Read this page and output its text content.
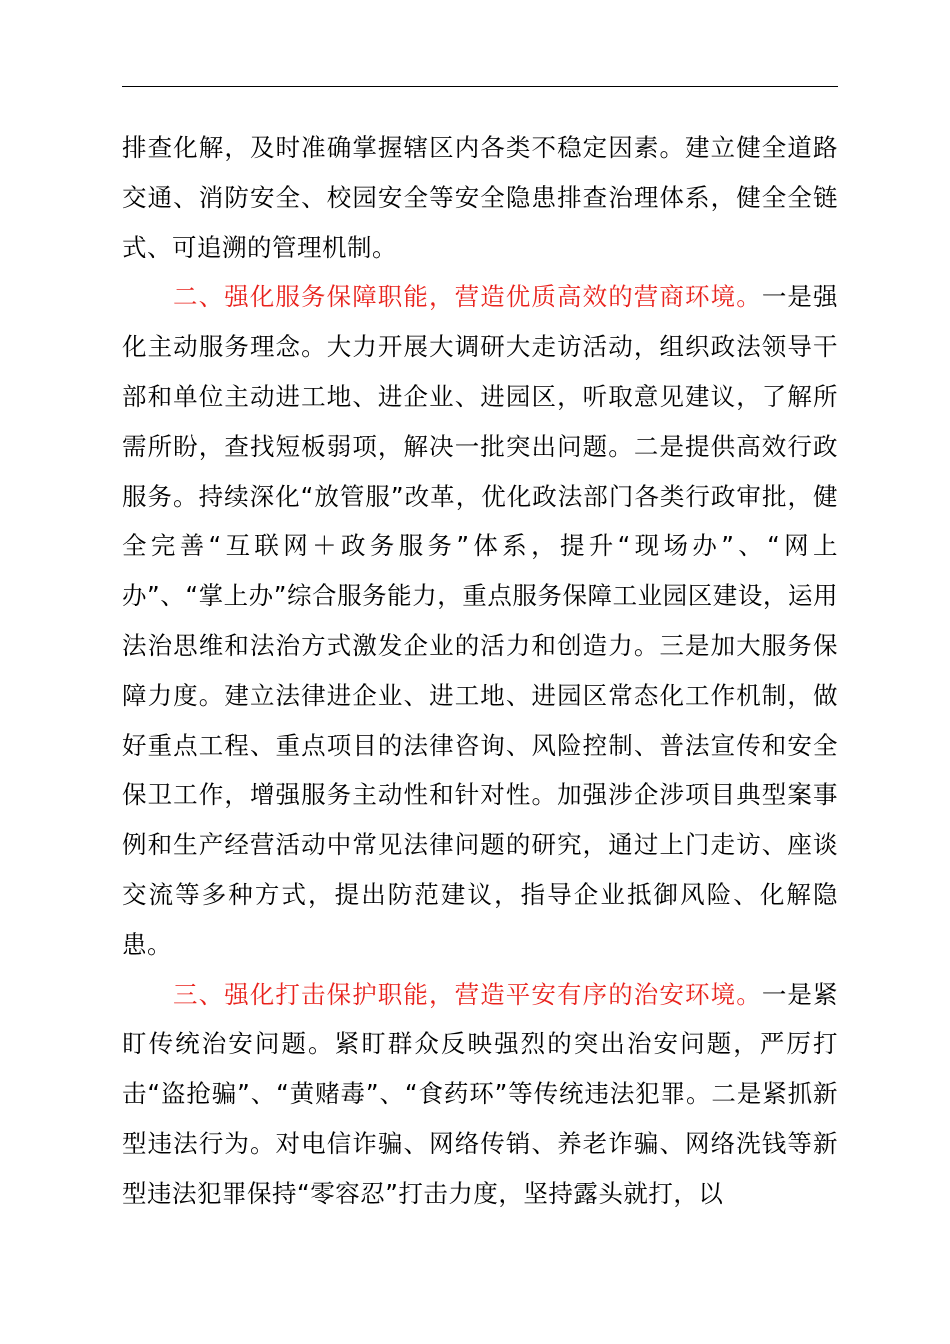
排查化解，及时准确掌握辖区内各类不稳定因素。建立健全道路交通、消防安全、校园安全等安全隐患排查治理体系，健全全链式、可追溯的管理机制。

二、强化服务保障职能，营造优质高效的营商环境。一是强化主动服务理念。大力开展大调研大走访活动，组织政法领导干部和单位主动进工地、进企业、进园区，听取意见建议，了解所需所盼，查找短板弱项，解决一批突出问题。二是提供高效行政服务。持续深化“放管服”改革，优化政法部门各类行政审批，健全完善“互联网＋政务服务”体系，提升“现场办”、“网上办”、“掌上办”综合服务能力，重点服务保障工业园区建设，运用法治思维和法治方式激发企业的活力和创造力。三是加大服务保障力度。建立法律进企业、进工地、进园区常态化工作机制，做好重点工程、重点项目的法律咨询、风险控制、普法宣传和安全保卫工作，增强服务主动性和针对性。加强涉企涉项目典型案事例和生产经营活动中常见法律问题的研究，通过上门走访、座谈交流等多种方式，提出防范建议，指导企业抵御风险、化解隐患。

三、强化打击保护职能，营造平安有序的治安环境。一是紧盯传统治安问题。紧盯群众反映强烈的突出治安问题，严厉打击“盗抢骗”、“黄赌毒”、“食药环”等传统违法犯罪。二是紧抓新型违法行为。对电信诈骗、网络传销、养老诈骗、网络洗钱等新型违法犯罪保持“零容忍”打击力度，坚持露头就打，以
